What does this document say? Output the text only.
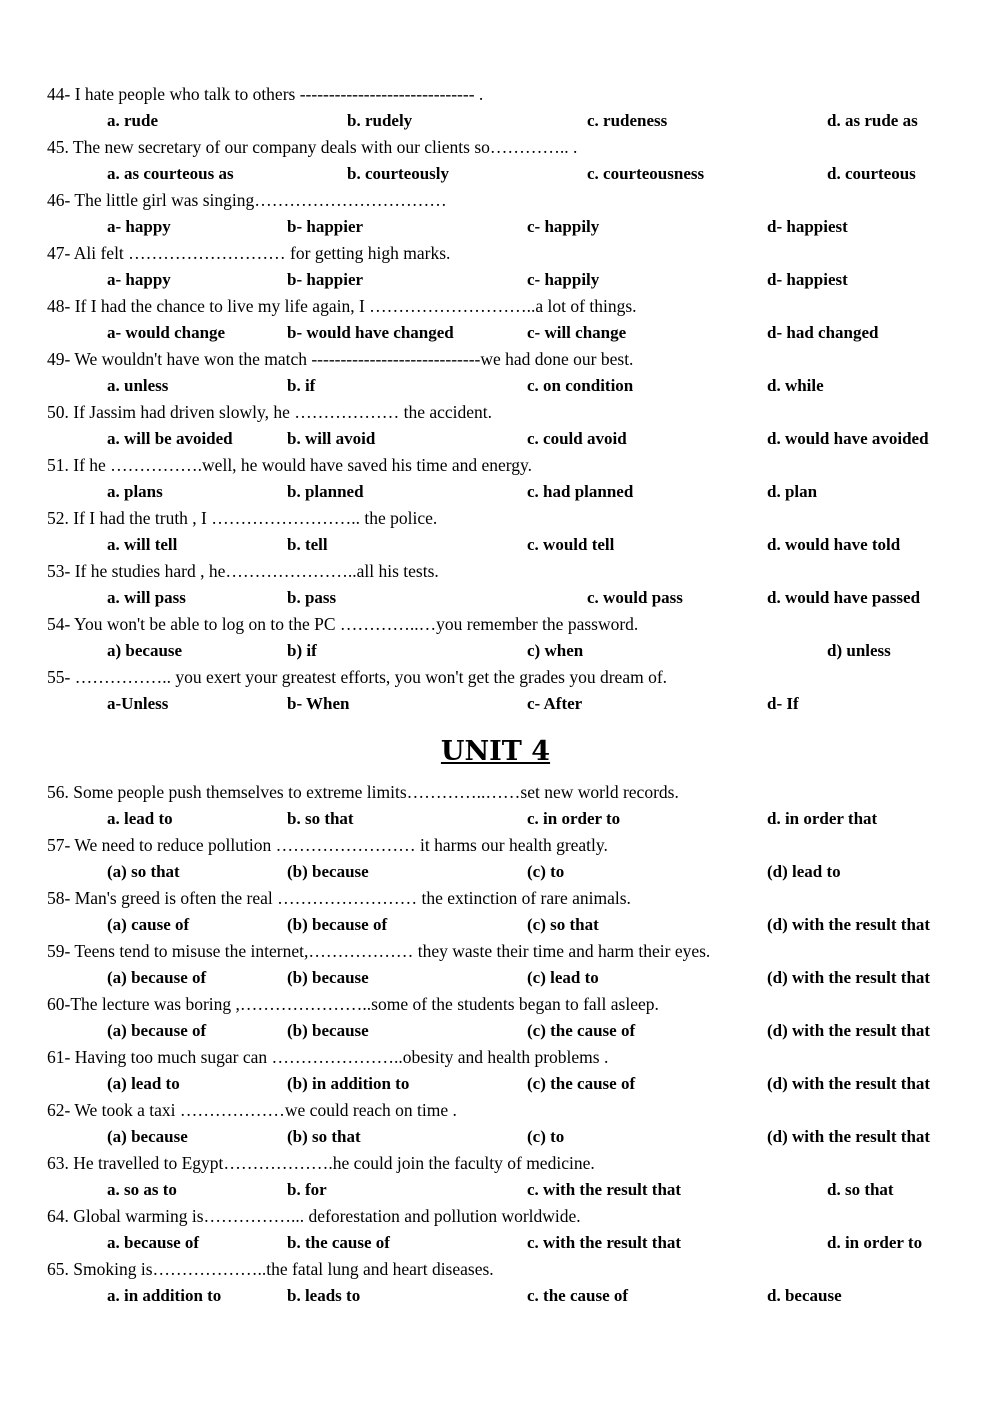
UNIT 4
44- I hate people who talk to others ------------------------------ .
a. rude	b. rudely	c. rudeness	d. as rude as
45. The new secretary of our company deals with our clients so………….. .
a. as courteous as	b. courteously	c. courteousness	d. courteous
46- The little girl was singing……………………………
a- happy	b- happier	c- happily	d- happiest
47- Ali felt ……………………… for getting high marks.
a- happy	b- happier	c- happily	d- happiest
48- If I had the chance to live my life again, I ………………………..a lot of things.
a- would change	b- would have changed	c- will change	d- had changed
49- We wouldn't have won the match -----------------------------we had done our best.
a. unless	b. if	c. on condition	d. while
50. If Jassim had driven slowly, he ……………… the accident.
a. will be avoided	b. will avoid	c. could avoid	d. would have avoided
51. If he …………….well, he would have saved his time and energy.
a. plans	b. planned	c. had planned	d. plan
52. If I had the truth , I …………………….. the police.
a. will tell	b. tell	c. would tell	d. would have told
53- If he studies hard , he…………………..all his tests.
a. will pass	b. pass	c. would pass	d. would have passed
54- You won't be able to log on to the PC …………..…you remember the password.
a) because	b) if	c) when	d) unless
55- …………….. you exert your greatest efforts, you won't get the grades you dream of.
a-Unless	b- When	c- After	d- If
56. Some people push themselves to extreme limits…………..……set new world records.
a. lead to	b. so that	c. in order to	d. in order that
57- We need to reduce pollution …………………… it harms our health greatly.
(a) so that	(b) because	(c) to	(d) lead to
58- Man's greed is often the real …………………… the extinction of rare animals.
(a) cause of	(b) because of	(c) so that	(d) with the result that
59- Teens tend to misuse the internet,……………… they waste their time and harm their eyes.
(a) because of	(b) because	(c) lead to	(d) with the result that
60-The lecture was boring ,…………………..some of the students began to fall asleep.
(a) because of	(b) because	(c) the cause of	(d) with the result that
61- Having too much sugar can …………………..obesity and health problems .
(a) lead to	(b) in addition to	(c) the cause of	(d) with the result that
62- We took a taxi ………………we could reach on time .
(a) because	(b) so that	(c) to	(d) with the result that
63. He travelled to Egypt……………….he could join the faculty of medicine.
a. so as to	b. for	c. with the result that	d. so that
64. Global warming is……………... deforestation and pollution worldwide.
a. because of	b. the cause of	c. with the result that	d. in order to
65. Smoking is………………..the fatal lung and heart diseases.
a. in addition to	b. leads to	c. the cause of	d. because
